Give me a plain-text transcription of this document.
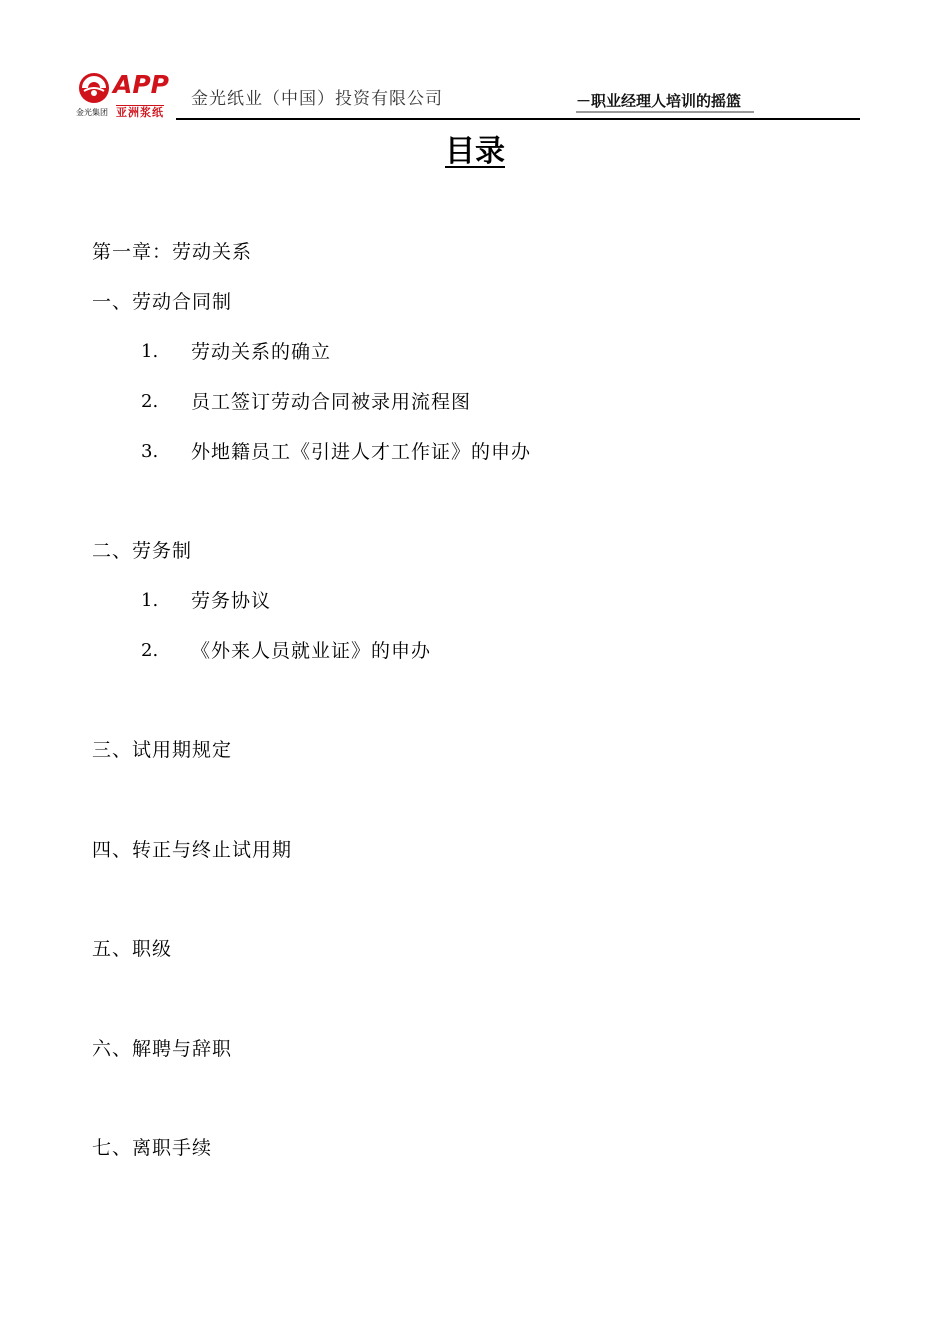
APP
金光集团 亚洲浆纸
金光纸业（中国）投资有限公司	－职业经理人培训的摇篮
目录
第一章：劳动关系
一、劳动合同制
1. 劳动关系的确立
2. 员工签订劳动合同被录用流程图
3. 外地籍员工《引进人才工作证》的申办
二、劳务制
1. 劳务协议
2. 《外来人员就业证》的申办
三、试用期规定
四、转正与终止试用期
五、职级
六、解聘与辞职
七、离职手续
